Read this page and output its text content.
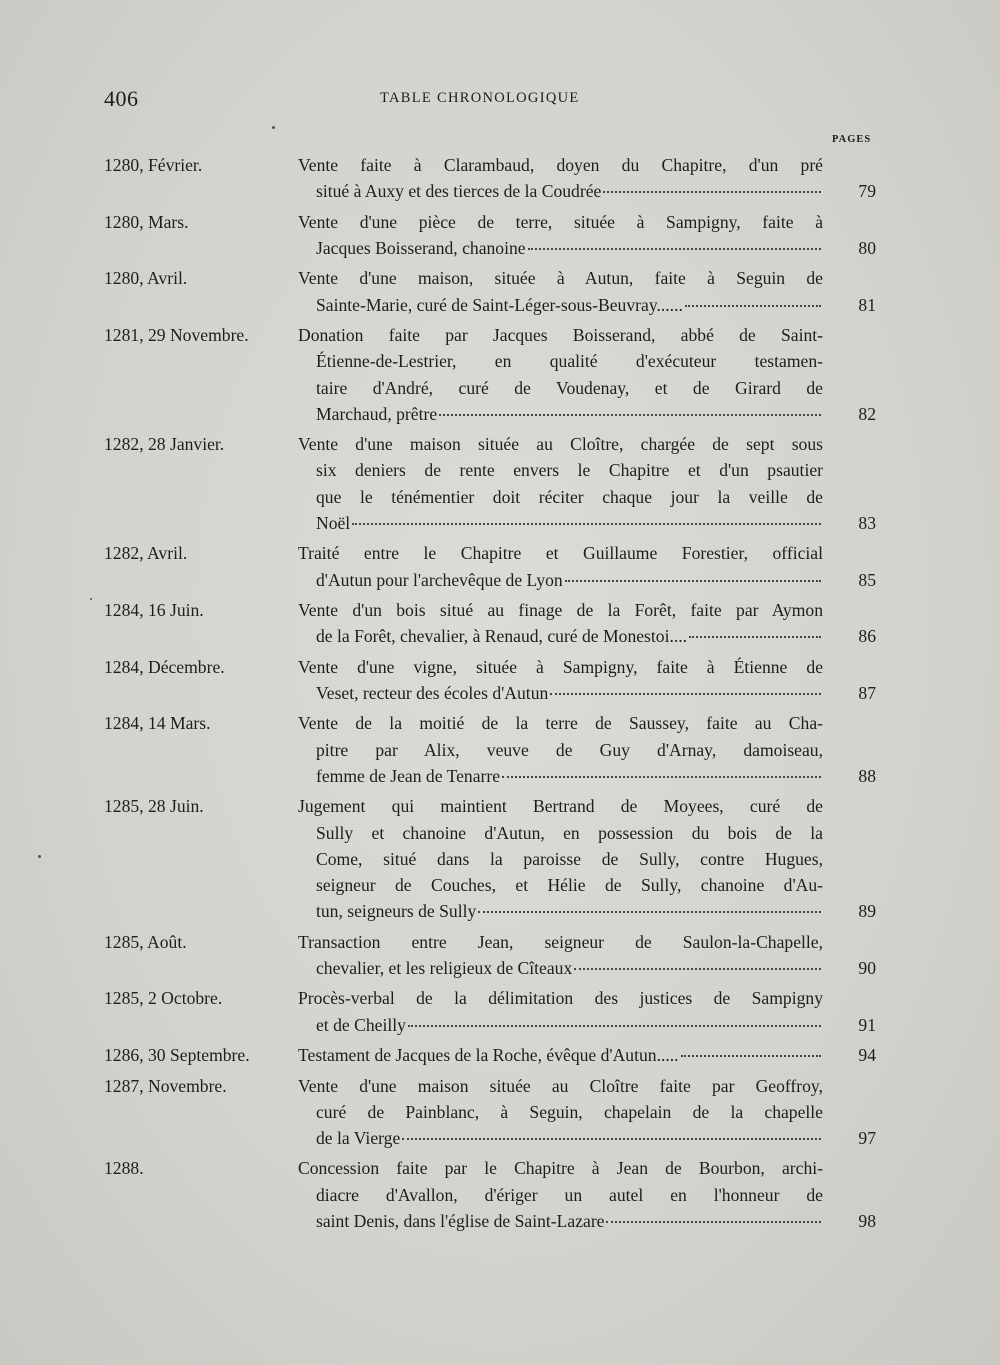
406	TABLE CHRONOLOGIQUE
PAGES
1280, Février.	Vente faite à Clarambaud, doyen du Chapitre, d'un pré
situé à Auxy et des tierces de la Coudrée	79
1280, Mars.	Vente d'une pièce de terre, située à Sampigny, faite à
Jacques Boisserand, chanoine	80
1280, Avril.	Vente d'une maison, située à Autun, faite à Seguin de
Sainte-Marie, curé de Saint-Léger-sous-Beuvray......	81
1281, 29 Novembre.	Donation faite par Jacques Boisserand, abbé de Saint-
Étienne-de-Lestrier, en qualité d'exécuteur testamen-
taire d'André, curé de Voudenay, et de Girard de
Marchaud, prêtre	82
1282, 28 Janvier.	Vente d'une maison située au Cloître, chargée de sept sous
six deniers de rente envers le Chapitre et d'un psautier
que le ténémentier doit réciter chaque jour la veille de
Noël	83
1282, Avril.	Traité entre le Chapitre et Guillaume Forestier, official
d'Autun pour l'archevêque de Lyon	85
1284, 16 Juin.	Vente d'un bois situé au finage de la Forêt, faite par Aymon
de la Forêt, chevalier, à Renaud, curé de Monestoi....	86
1284, Décembre.	Vente d'une vigne, située à Sampigny, faite à Étienne de
Veset, recteur des écoles d'Autun	87
1284, 14 Mars.	Vente de la moitié de la terre de Saussey, faite au Cha-
pitre par Alix, veuve de Guy d'Arnay, damoiseau,
femme de Jean de Tenarre	88
1285, 28 Juin.	Jugement qui maintient Bertrand de Moyees, curé de
Sully et chanoine d'Autun, en possession du bois de la
Come, situé dans la paroisse de Sully, contre Hugues,
seigneur de Couches, et Hélie de Sully, chanoine d'Au-
tun, seigneurs de Sully	89
1285, Août.	Transaction entre Jean, seigneur de Saulon-la-Chapelle,
chevalier, et les religieux de Cîteaux	90
1285, 2 Octobre.	Procès-verbal de la délimitation des justices de Sampigny
et de Cheilly	91
1286, 30 Septembre.	Testament de Jacques de la Roche, évêque d'Autun.....	94
1287, Novembre.	Vente d'une maison située au Cloître faite par Geoffroy,
curé de Painblanc, à Seguin, chapelain de la chapelle
de la Vierge	97
1288.	Concession faite par le Chapitre à Jean de Bourbon, archi-
diacre d'Avallon, d'ériger un autel en l'honneur de
saint Denis, dans l'église de Saint-Lazare	98
